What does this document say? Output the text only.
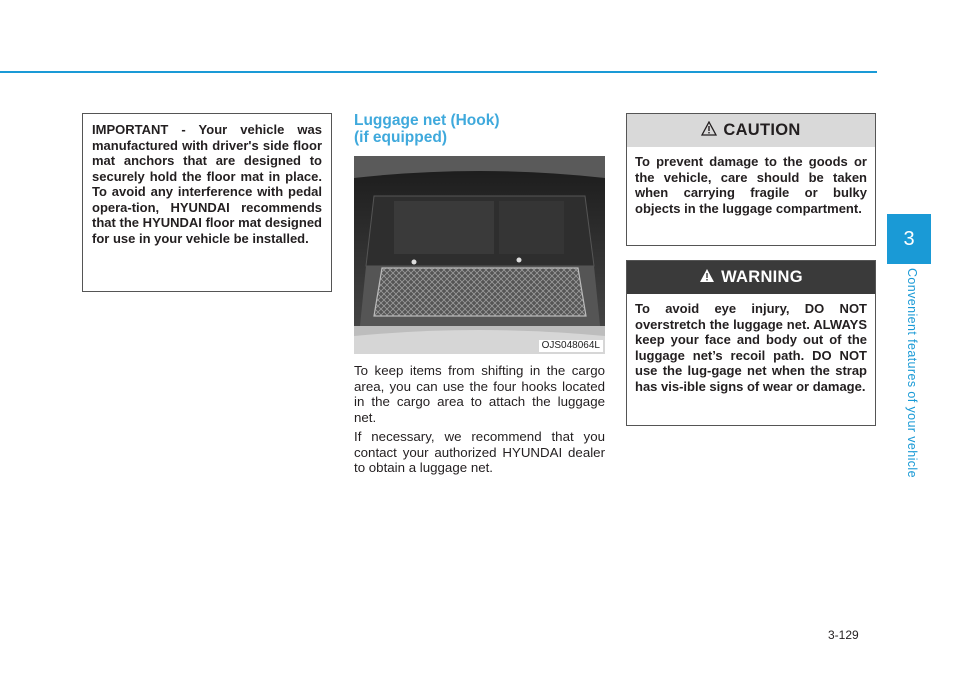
3
Convenient features of your vehicle
IMPORTANT - Your vehicle was manufactured with driver's side floor mat anchors that are designed to securely hold the floor mat in place. To avoid any interference with pedal opera-tion, HYUNDAI recommends that the HYUNDAI floor mat designed for use in your vehicle be installed.
Luggage net (Hook)
(if equipped)
OJS048064L

To keep items from shifting in the cargo area, you can use the four hooks located in the cargo area to attach the luggage net.

If necessary, we recommend that you contact your authorized HYUNDAI dealer to obtain a luggage net.

CAUTION
To prevent damage to the goods or the vehicle, care should be taken when carrying fragile or bulky objects in the luggage compartment.
WARNING
To avoid eye injury, DO NOT overstretch the luggage net. ALWAYS keep your face and body out of the luggage net’s recoil path. DO NOT use the lug-gage net when the strap has vis-ible signs of wear or damage.
3-129
